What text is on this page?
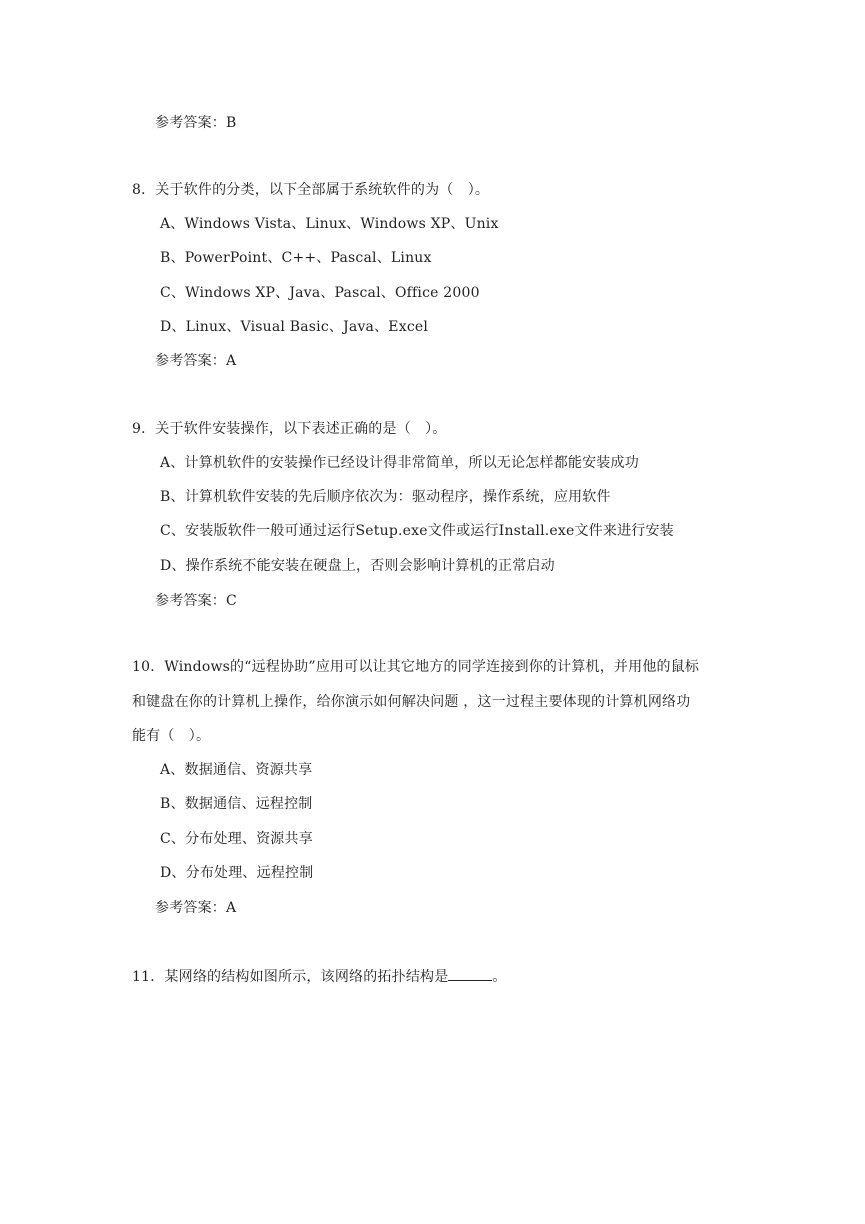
参考答案：B
8．关于软件的分类，以下全部属于系统软件的为（　）。
A、Windows Vista、Linux、Windows XP、Unix
B、PowerPoint、C++、Pascal、Linux
C、Windows XP、Java、Pascal、Office 2000
D、Linux、Visual Basic、Java、Excel
参考答案：A
9．关于软件安装操作，以下表述正确的是（　）。
A、计算机软件的安装操作已经设计得非常简单，所以无论怎样都能安装成功
B、计算机软件安装的先后顺序依次为：驱动程序，操作系统，应用软件
C、安装版软件一般可通过运行Setup.exe文件或运行Install.exe文件来进行安装
D、操作系统不能安装在硬盘上，否则会影响计算机的正常启动
参考答案：C
10．Windows的“远程协助”应用可以让其它地方的同学连接到你的计算机，并用他的鼠标
和键盘在你的计算机上操作，给你演示如何解决问题 ，这一过程主要体现的计算机网络功
能有（　）。
A、数据通信、资源共享
B、数据通信、远程控制
C、分布处理、资源共享
D、分布处理、远程控制
参考答案：A
11．某网络的结构如图所示，该网络的拓扑结构是	。
